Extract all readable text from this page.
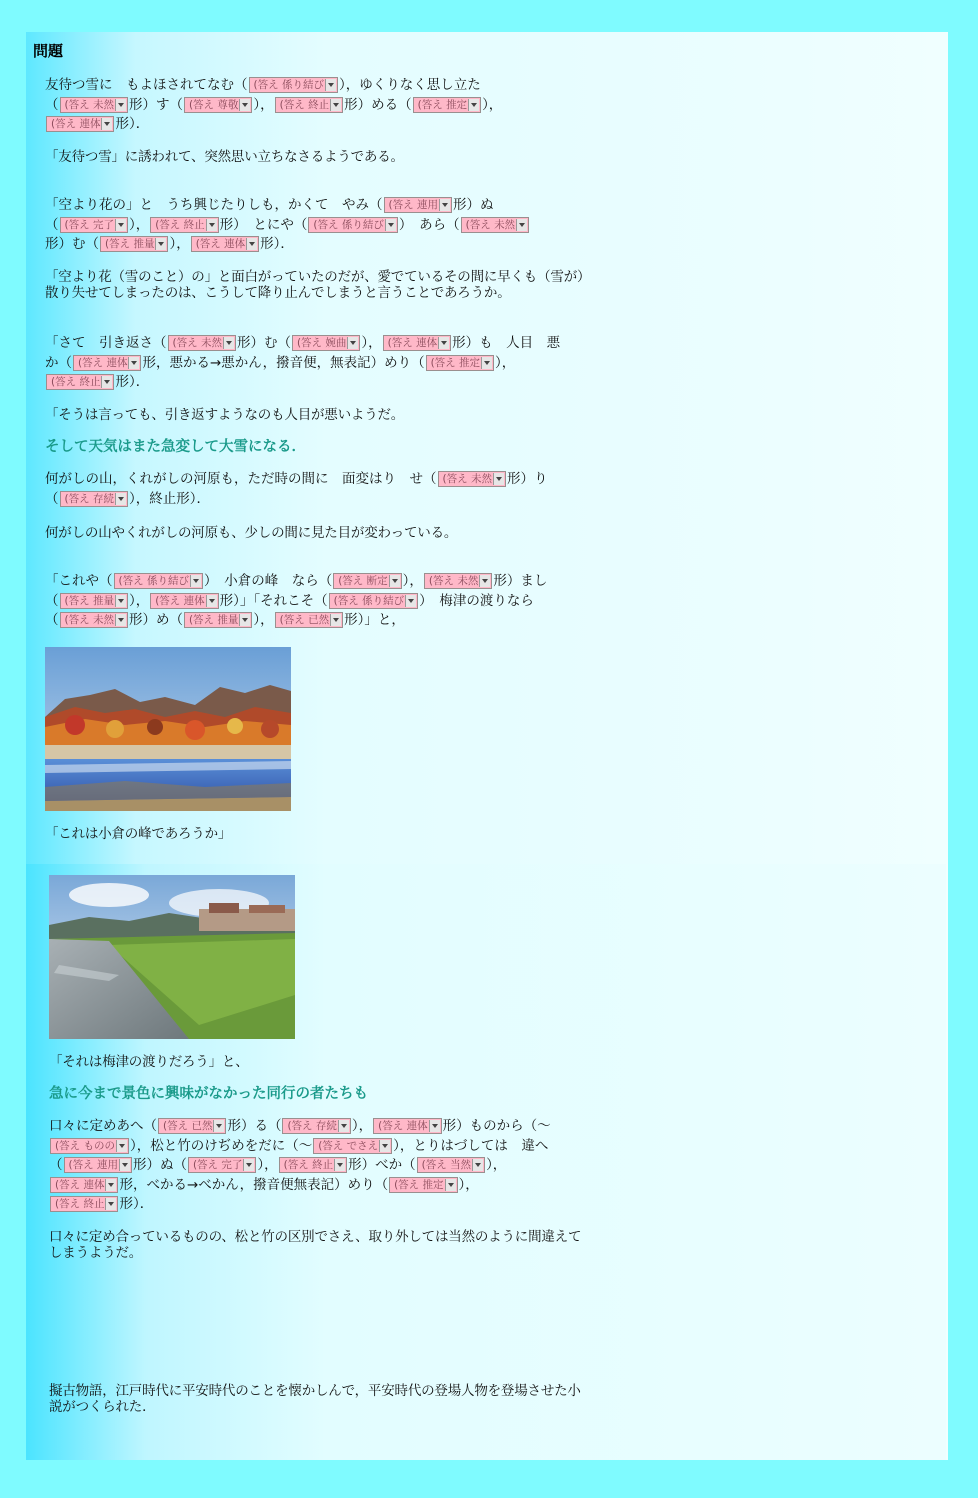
問題
友待つ雪に　もよほされてなむ（ (答え 係り結び ），ゆくりなく思し立た
（ (答え 未然 形）す（ (答え 尊敬 ）， (答え 終止 形）める（ (答え 推定 ），
(答え 連体 形）．
「友待つ雪」に誘われて、突然思い立ちなさるようである。
「空より花の」と　うち興じたりしも，かくて　やみ（ (答え 連用 形）ぬ
（ (答え 完了 ）， (答え 終止 形）　とにや（ (答え 係り結び ）　あら（ (答え 未然

形）む（ (答え 推量 ）， (答え 連体 形）．
「空より花（雪のこと）の」と面白がっていたのだが、愛でているその間に早くも（雪が）散り失せてしまったのは、こうして降り止んでしまうと言うことであろうか。
「さて　引き返さ（ (答え 未然 形）む（ (答え 婉曲 ）， (答え 連体 形）も　人目　悪
か（ (答え 連体 形，悪かる→悪かん，撥音便，無表記）めり（ (答え 推定 ），
(答え 終止 形）．
「そうは言っても、引き返すようなのも人目が悪いようだ。
そして天気はまた急変して大雪になる．
何がしの山，くれがしの河原も，ただ時の間に　面変はり　せ（ (答え 未然 形）り
（ (答え 存続 ），終止形）．
何がしの山やくれがしの河原も、少しの間に見た目が変わっている。
「これや（ (答え 係り結び ）　小倉の峰　なら（ (答え 断定 ）， (答え 未然 形）まし
（ (答え 推量 ）， (答え 連体 形）」「それこそ（ (答え 係り結び ）　梅津の渡りなら
（ (答え 未然 形）め（ (答え 推量 ）， (答え 已然 形）」と，
「これは小倉の峰であろうか」
「それは梅津の渡りだろう」と、
急に今まで景色に興味がなかった同行の者たちも
口々に定めあへ（ (答え 已然 形）る（ (答え 存続 ）， (答え 連体 形）ものから（〜
(答え ものの ），松と竹のけぢめをだに（〜 (答え でさえ ），とりはづしては　違へ
（ (答え 連用 形）ぬ（ (答え 完了 ）， (答え 終止 形）べか（ (答え 当然 ），
(答え 連体 形，べかる→べかん，撥音便無表記）めり（ (答え 推定 ），
(答え 終止 形）．
口々に定め合っているものの、松と竹の区別でさえ、取り外しては当然のように間違えてしまうようだ。
擬古物語，江戸時代に平安時代のことを懐かしんで，平安時代の登場人物を登場させた小説がつくられた．
